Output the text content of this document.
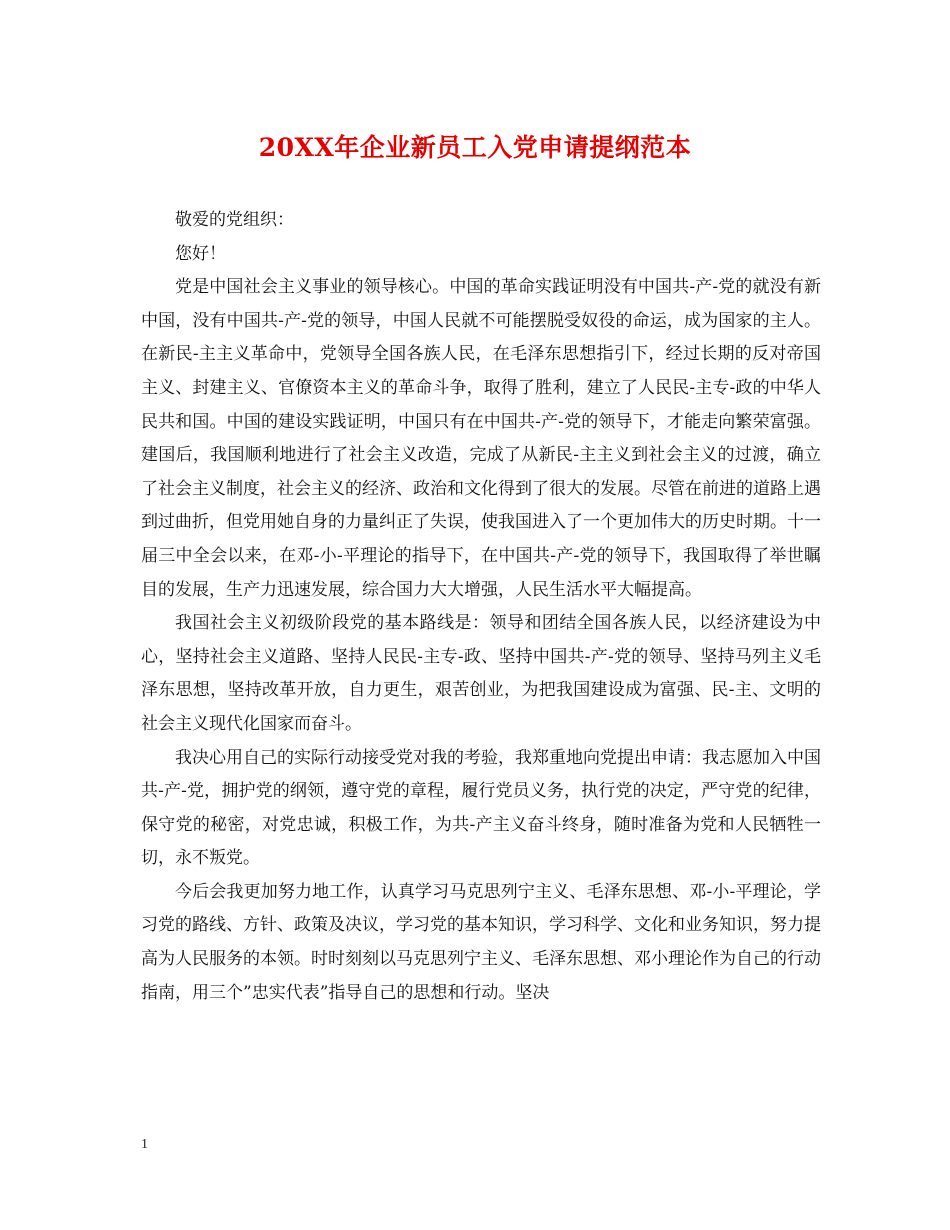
20XX年企业新员工入党申请提纲范本

敬爱的党组织：

您好！

党是中国社会主义事业的领导核心。中国的革命实践证明没有中国共-产-党的就没有新中国，没有中国共-产-党的领导，中国人民就不可能摆脱受奴役的命运，成为国家的主人。在新民-主主义革命中，党领导全国各族人民，在毛泽东思想指引下，经过长期的反对帝国主义、封建主义、官僚资本主义的革命斗争，取得了胜利，建立了人民民-主专-政的中华人民共和国。中国的建设实践证明，中国只有在中国共-产-党的领导下，才能走向繁荣富强。建国后，我国顺利地进行了社会主义改造，完成了从新民-主主义到社会主义的过渡，确立了社会主义制度，社会主义的经济、政治和文化得到了很大的发展。尽管在前进的道路上遇到过曲折，但党用她自身的力量纠正了失误，使我国进入了一个更加伟大的历史时期。十一届三中全会以来，在邓-小-平理论的指导下，在中国共-产-党的领导下，我国取得了举世瞩目的发展，生产力迅速发展，综合国力大大增强，人民生活水平大幅提高。

我国社会主义初级阶段党的基本路线是：领导和团结全国各族人民，以经济建设为中心，坚持社会主义道路、坚持人民民-主专-政、坚持中国共-产-党的领导、坚持马列主义毛泽东思想，坚持改革开放，自力更生，艰苦创业，为把我国建设成为富强、民-主、文明的社会主义现代化国家而奋斗。

我决心用自己的实际行动接受党对我的考验，我郑重地向党提出申请：我志愿加入中国共-产-党，拥护党的纲领，遵守党的章程，履行党员义务，执行党的决定，严守党的纪律，保守党的秘密，对党忠诚，积极工作，为共-产主义奋斗终身，随时准备为党和人民牺牲一切，永不叛党。

今后会我更加努力地工作，认真学习马克思列宁主义、毛泽东思想、邓-小-平理论，学习党的路线、方针、政策及决议，学习党的基本知识，学习科学、文化和业务知识，努力提高为人民服务的本领。时时刻刻以马克思列宁主义、毛泽东思想、邓小理论作为自己的行动指南，用三个”忠实代表”指导自己的思想和行动。坚决

1
